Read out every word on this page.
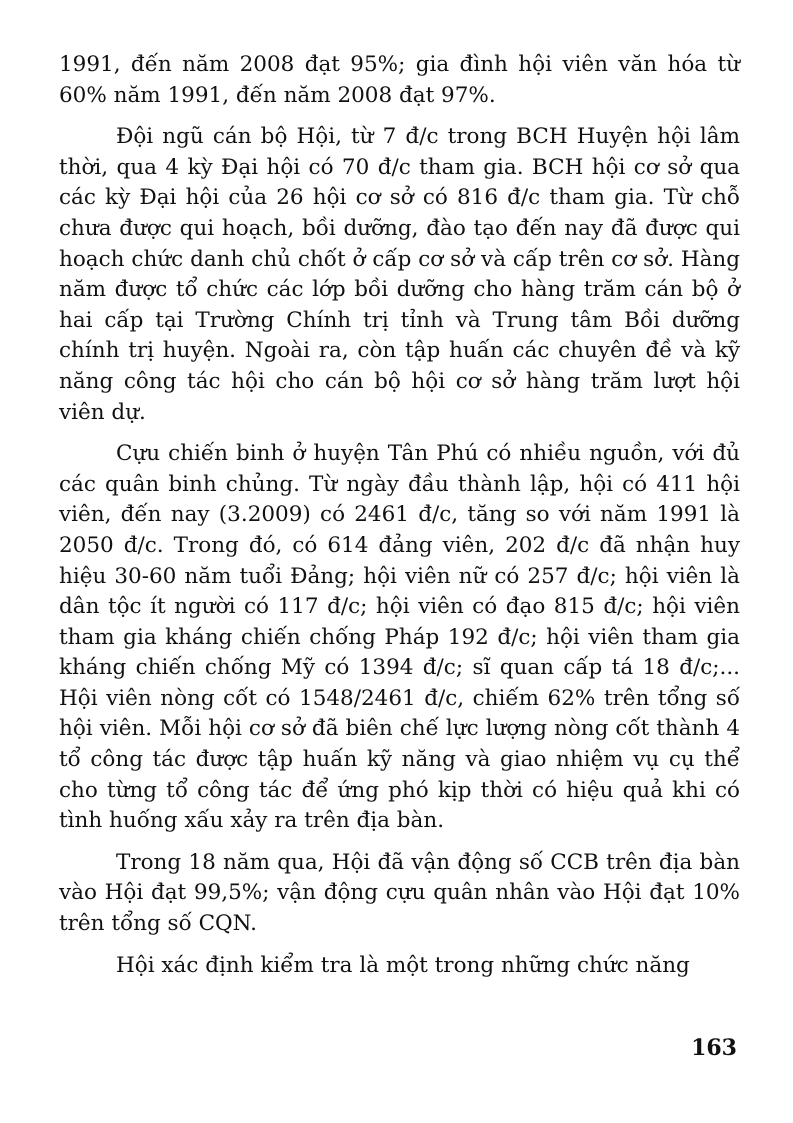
1991, đến năm 2008 đạt 95%; gia đình hội viên văn hóa từ 60% năm 1991, đến năm 2008 đạt 97%.

Đội ngũ cán bộ Hội, từ 7 đ/c trong BCH Huyện hội lâm thời, qua 4 kỳ Đại hội có 70 đ/c tham gia. BCH hội cơ sở qua các kỳ Đại hội của 26 hội cơ sở có 816 đ/c tham gia. Từ chỗ chưa được qui hoạch, bồi dưỡng, đào tạo đến nay đã được qui hoạch chức danh chủ chốt ở cấp cơ sở và cấp trên cơ sở. Hàng năm được tổ chức các lớp bồi dưỡng cho hàng trăm cán bộ ở hai cấp tại Trường Chính trị tỉnh và Trung tâm Bồi dưỡng chính trị huyện. Ngoài ra, còn tập huấn các chuyên đề và kỹ năng công tác hội cho cán bộ hội cơ sở hàng trăm lượt hội viên dự.

Cựu chiến binh ở huyện Tân Phú có nhiều nguồn, với đủ các quân binh chủng. Từ ngày đầu thành lập, hội có 411 hội viên, đến nay (3.2009) có 2461 đ/c, tăng so với năm 1991 là 2050 đ/c. Trong đó, có 614 đảng viên, 202 đ/c đã nhận huy hiệu 30-60 năm tuổi Đảng; hội viên nữ có 257 đ/c; hội viên là dân tộc ít người có 117 đ/c; hội viên có đạo 815 đ/c; hội viên tham gia kháng chiến chống Pháp 192 đ/c; hội viên tham gia kháng chiến chống Mỹ có 1394 đ/c; sĩ quan cấp tá 18 đ/c;... Hội viên nòng cốt có 1548/2461 đ/c, chiếm 62% trên tổng số hội viên. Mỗi hội cơ sở đã biên chế lực lượng nòng cốt thành 4 tổ công tác được tập huấn kỹ năng và giao nhiệm vụ cụ thể cho từng tổ công tác để ứng phó kịp thời có hiệu quả khi có tình huống xấu xảy ra trên địa bàn.

Trong 18 năm qua, Hội đã vận động số CCB trên địa bàn vào Hội đạt 99,5%; vận động cựu quân nhân vào Hội đạt 10% trên tổng số CQN.

Hội xác định kiểm tra là một trong những chức năng

163
